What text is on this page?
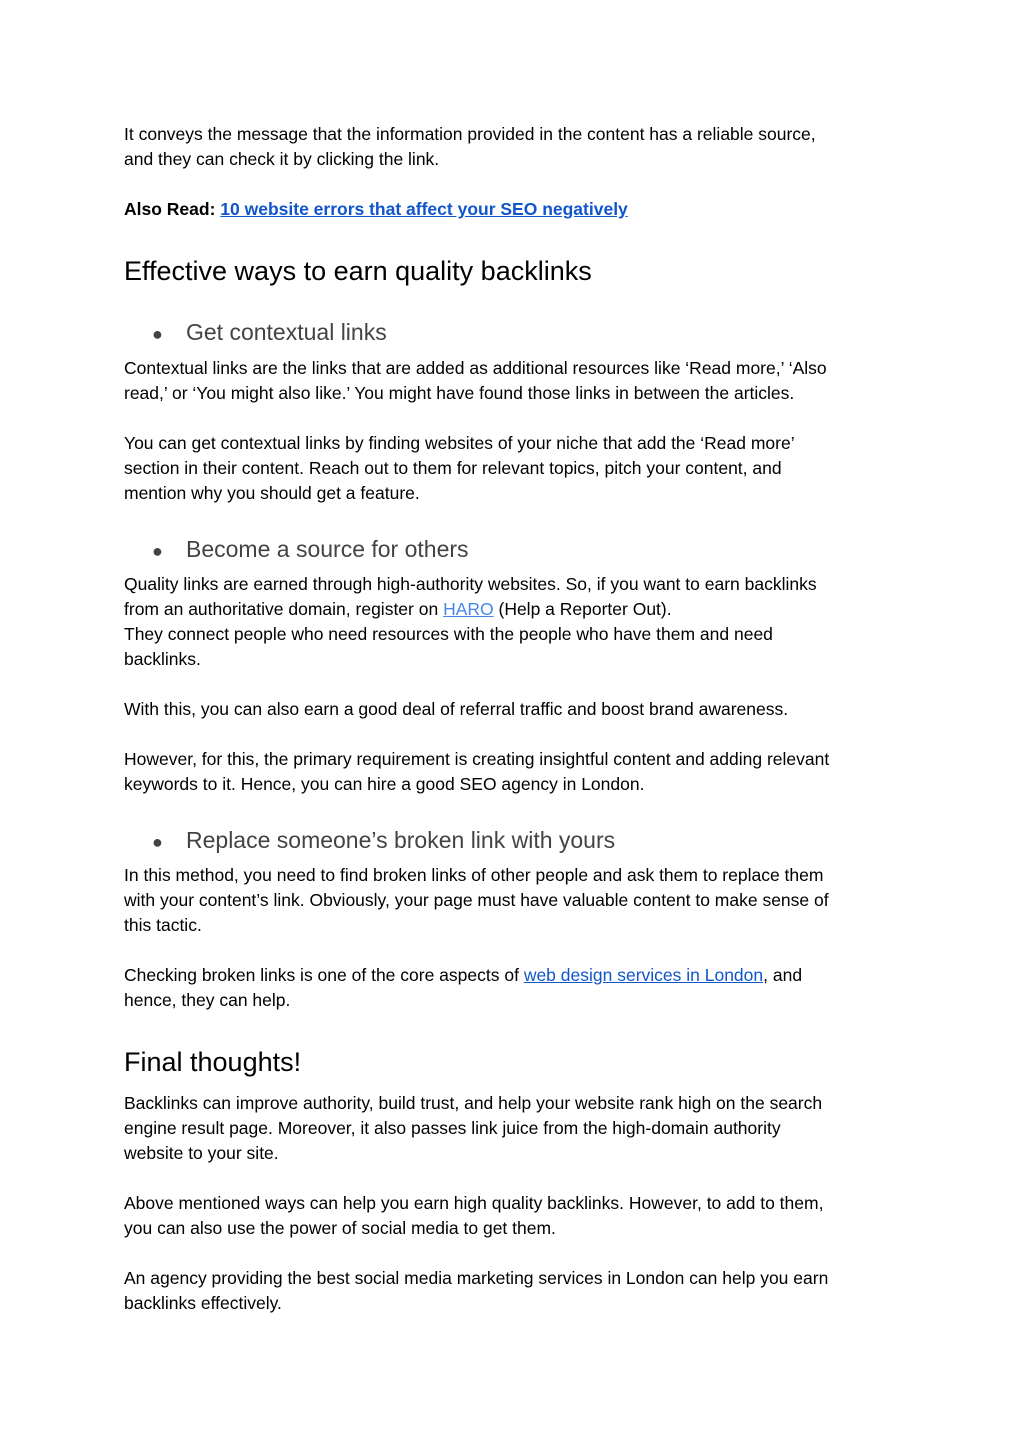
It conveys the message that the information provided in the content has a reliable source,
and they can check it by clicking the link.

Also Read: 10 website errors that affect your SEO negatively

Effective ways to earn quality backlinks
● Get contextual links

Contextual links are the links that are added as additional resources like ‘Read more,’ ‘Also
read,’ or ‘You might also like.’ You might have found those links in between the articles.

You can get contextual links by finding websites of your niche that add the ‘Read more’
section in their content. Reach out to them for relevant topics, pitch your content, and
mention why you should get a feature.

● Become a source for others

Quality links are earned through high-authority websites. So, if you want to earn backlinks
from an authoritative domain, register on HARO (Help a Reporter Out).
They connect people who need resources with the people who have them and need
backlinks.

With this, you can also earn a good deal of referral traffic and boost brand awareness.

However, for this, the primary requirement is creating insightful content and adding relevant
keywords to it. Hence, you can hire a good SEO agency in London.

● Replace someone’s broken link with yours

In this method, you need to find broken links of other people and ask them to replace them
with your content’s link. Obviously, your page must have valuable content to make sense of
this tactic.

Checking broken links is one of the core aspects of web design services in London, and
hence, they can help.

Final thoughts!

Backlinks can improve authority, build trust, and help your website rank high on the search
engine result page. Moreover, it also passes link juice from the high-domain authority
website to your site.

Above mentioned ways can help you earn high quality backlinks. However, to add to them,
you can also use the power of social media to get them.

An agency providing the best social media marketing services in London can help you earn
backlinks effectively.
